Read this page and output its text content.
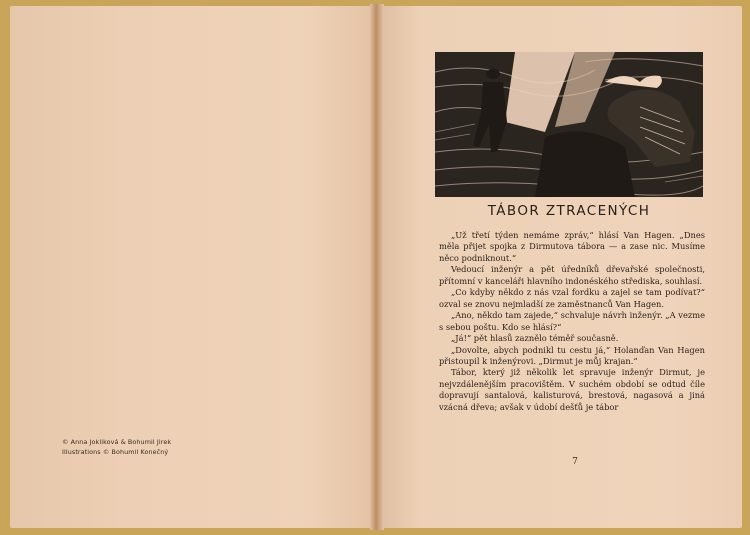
© Anna Jokliková & Bohumil Jirek
Illustrations © Bohumil Konečný
TÁBOR ZTRACENÝCH

„Už třetí týden nemáme zpráv,“ hlásí Van Hagen. „Dnes měla přijet spojka z Dirmutova tábora — a zase nic. Musíme něco podniknout.“

Vedoucí inženýr a pět úředníků dřevařské společnosti, přítomní v kanceláři hlavního indonéského střediska, souhlasí.

„Co kdyby někdo z nás vzal fordku a zajel se tam podívat?“ ozval se znovu nejmladší ze zaměstnanců Van Hagen.

„Ano, někdo tam zajede,“ schvaluje návrh inženýr. „A vezme s sebou poštu. Kdo se hlásí?“

„Já!“ pět hlasů zaznělo téměř současně.

„Dovolte, abych podnikl tu cestu já,“ Holanďan Van Hagen přistoupil k inženýrovi. „Dirmut je můj krajan.“

Tábor, který již několik let spravuje inženýr Dirmut, je nejvzdálenějším pracovištěm. V suchém období se odtud číle dopravují santalová, kalisturová, brestová, nagasová a jiná vzácná dřeva; avšak v údobí dešťů je tábor

7
